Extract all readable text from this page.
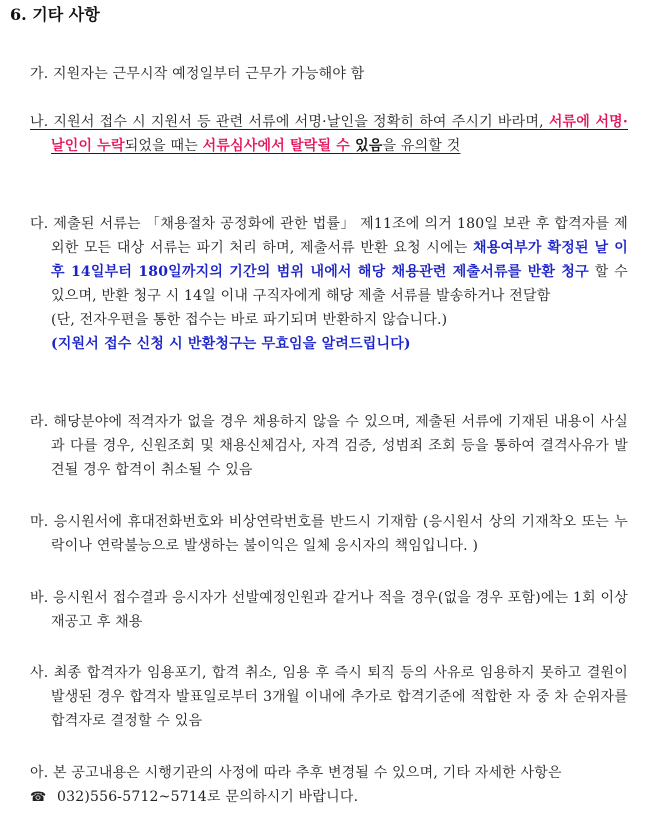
6. 기타 사항
가. 지원자는 근무시작 예정일부터 근무가 가능해야 함
나. 지원서 접수 시 지원서 등 관련 서류에 서명·날인을 정확히 하여 주시기 바라며, 서류에 서명·날인이 누락되었을 때는 서류심사에서 탈락될 수 있음을 유의할 것
다. 제출된 서류는 「채용절차 공정화에 관한 법률」 제11조에 의거 180일 보관 후 합격자를 제외한 모든 대상 서류는 파기 처리 하며, 제출서류 반환 요청 시에는 채용여부가 확정된 날 이후 14일부터 180일까지의 기간의 범위 내에서 해당 채용관련 제출서류를 반환 청구 할 수 있으며, 반환 청구 시 14일 이내 구직자에게 해당 제출 서류를 발송하거나 전달함
(단, 전자우편을 통한 접수는 바로 파기되며 반환하지 않습니다.)
(지원서 접수 신청 시 반환청구는 무효임을 알려드립니다)
라. 해당분야에 적격자가 없을 경우 채용하지 않을 수 있으며, 제출된 서류에 기재된 내용이 사실과 다를 경우, 신원조회 및 채용신체검사, 자격 검증, 성범죄 조회 등을 통하여 결격사유가 발견될 경우 합격이 취소될 수 있음
마. 응시원서에 휴대전화번호와 비상연락번호를 반드시 기재함 (응시원서 상의 기재착오 또는 누락이나 연락불능으로 발생하는 불이익은 일체 응시자의 책임입니다. )
바. 응시원서 접수결과 응시자가 선발예정인원과 같거나 적을 경우(없을 경우 포함)에는 1회 이상 재공고 후 채용
사. 최종 합격자가 임용포기, 합격 취소, 임용 후 즉시 퇴직 등의 사유로 임용하지 못하고 결원이 발생된 경우 합격자 발표일로부터 3개월 이내에 추가로 합격기준에 적합한 자 중 차 순위자를 합격자로 결정할 수 있음
아. 본 공고내용은 시행기관의 사정에 따라 추후 변경될 수 있으며, 기타 자세한 사항은
☎ 032)556-5712~5714로 문의하시기 바랍니다.
